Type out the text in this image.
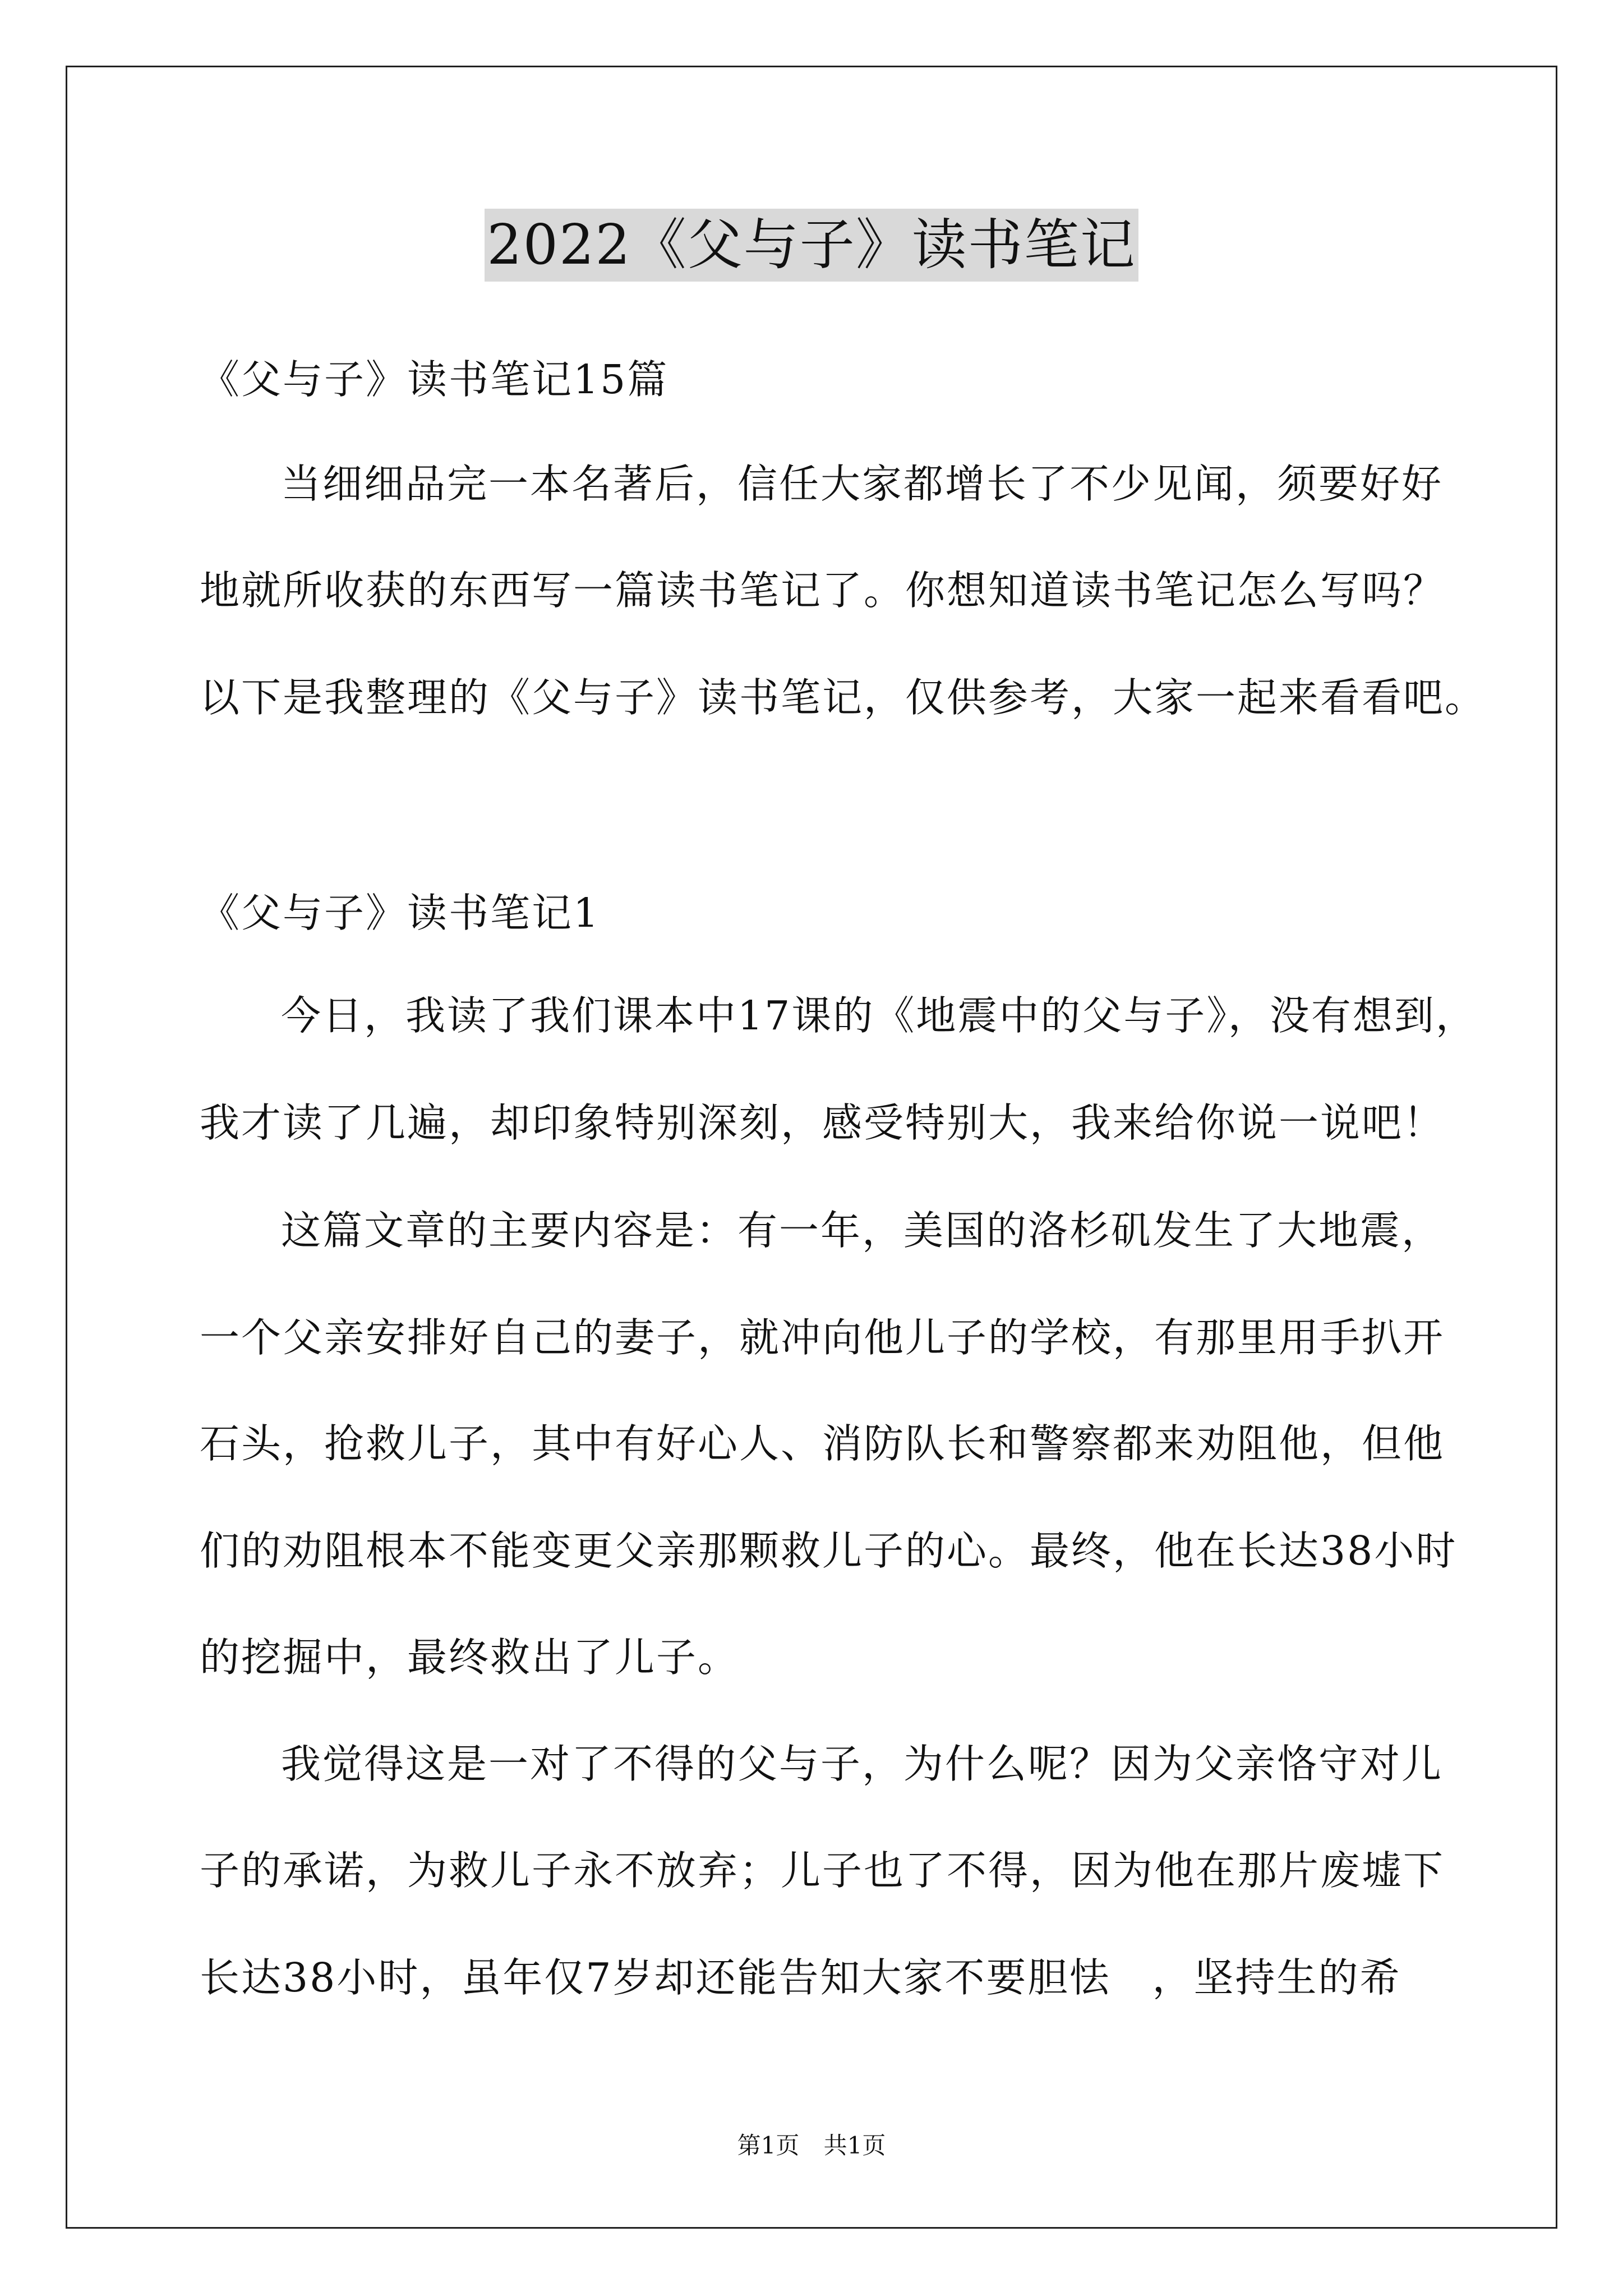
2022《父与子》读书笔记
《父与子》读书笔记15篇
当细细品完一本名著后，信任大家都增长了不少见闻，须要好好
地就所收获的东西写一篇读书笔记了。你想知道读书笔记怎么写吗？
以下是我整理的《父与子》读书笔记，仅供参考，大家一起来看看吧。
《父与子》读书笔记1
今日，我读了我们课本中17课的《地震中的父与子》，没有想到，
我才读了几遍，却印象特别深刻，感受特别大，我来给你说一说吧！
这篇文章的主要内容是：有一年，美国的洛杉矶发生了大地震，
一个父亲安排好自己的妻子，就冲向他儿子的学校，有那里用手扒开
石头，抢救儿子，其中有好心人、消防队长和警察都来劝阻他，但他
们的劝阻根本不能变更父亲那颗救儿子的心。最终，他在长达38小时
的挖掘中，最终救出了儿子。
我觉得这是一对了不得的父与子，为什么呢？因为父亲恪守对儿
子的承诺，为救儿子永不放弃；儿子也了不得，因为他在那片废墟下
长达38小时，虽年仅7岁却还能告知大家不要胆怯　，坚持生的希
第1页 共1页
